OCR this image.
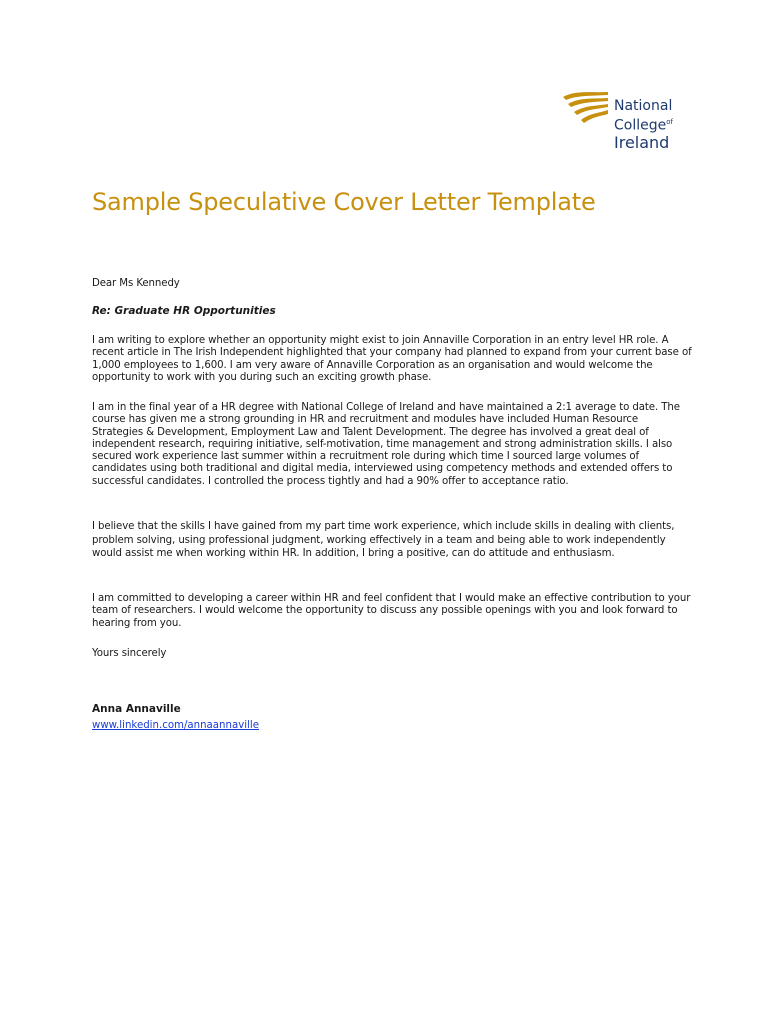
National
College$^{of}$
Ireland
Sample Speculative Cover Letter Template
Dear Ms Kennedy
Re: Graduate HR Opportunities
I am writing to explore whether an opportunity might exist to join Annaville Corporation in an entry level HR role. A recent article in The Irish Independent highlighted that your company had planned to expand from your current base of 1,000 employees to 1,600. I am very aware of Annaville Corporation as an organisation and would welcome the opportunity to work with you during such an exciting growth phase.
I am in the final year of a HR degree with National College of Ireland and have maintained a 2:1 average to date. The course has given me a strong grounding in HR and recruitment and modules have included Human Resource Strategies & Development, Employment Law and Talent Development. The degree has involved a great deal of independent research, requiring initiative, self-motivation, time management and strong administration skills. I also secured work experience last summer within a recruitment role during which time I sourced large volumes of candidates using both traditional and digital media, interviewed using competency methods and extended offers to successful candidates. I controlled the process tightly and had a 90% offer to acceptance ratio.
I believe that the skills I have gained from my part time work experience, which include skills in dealing with clients, problem solving, using professional judgment, working effectively in a team and being able to work independently would assist me when working within HR. In addition, I bring a positive, can do attitude and enthusiasm.
I am committed to developing a career within HR and feel confident that I would make an effective contribution to your team of researchers. I would welcome the opportunity to discuss any possible openings with you and look forward to hearing from you.
Yours sincerely
Anna Annaville
www.linkedin.com/annaannaville
